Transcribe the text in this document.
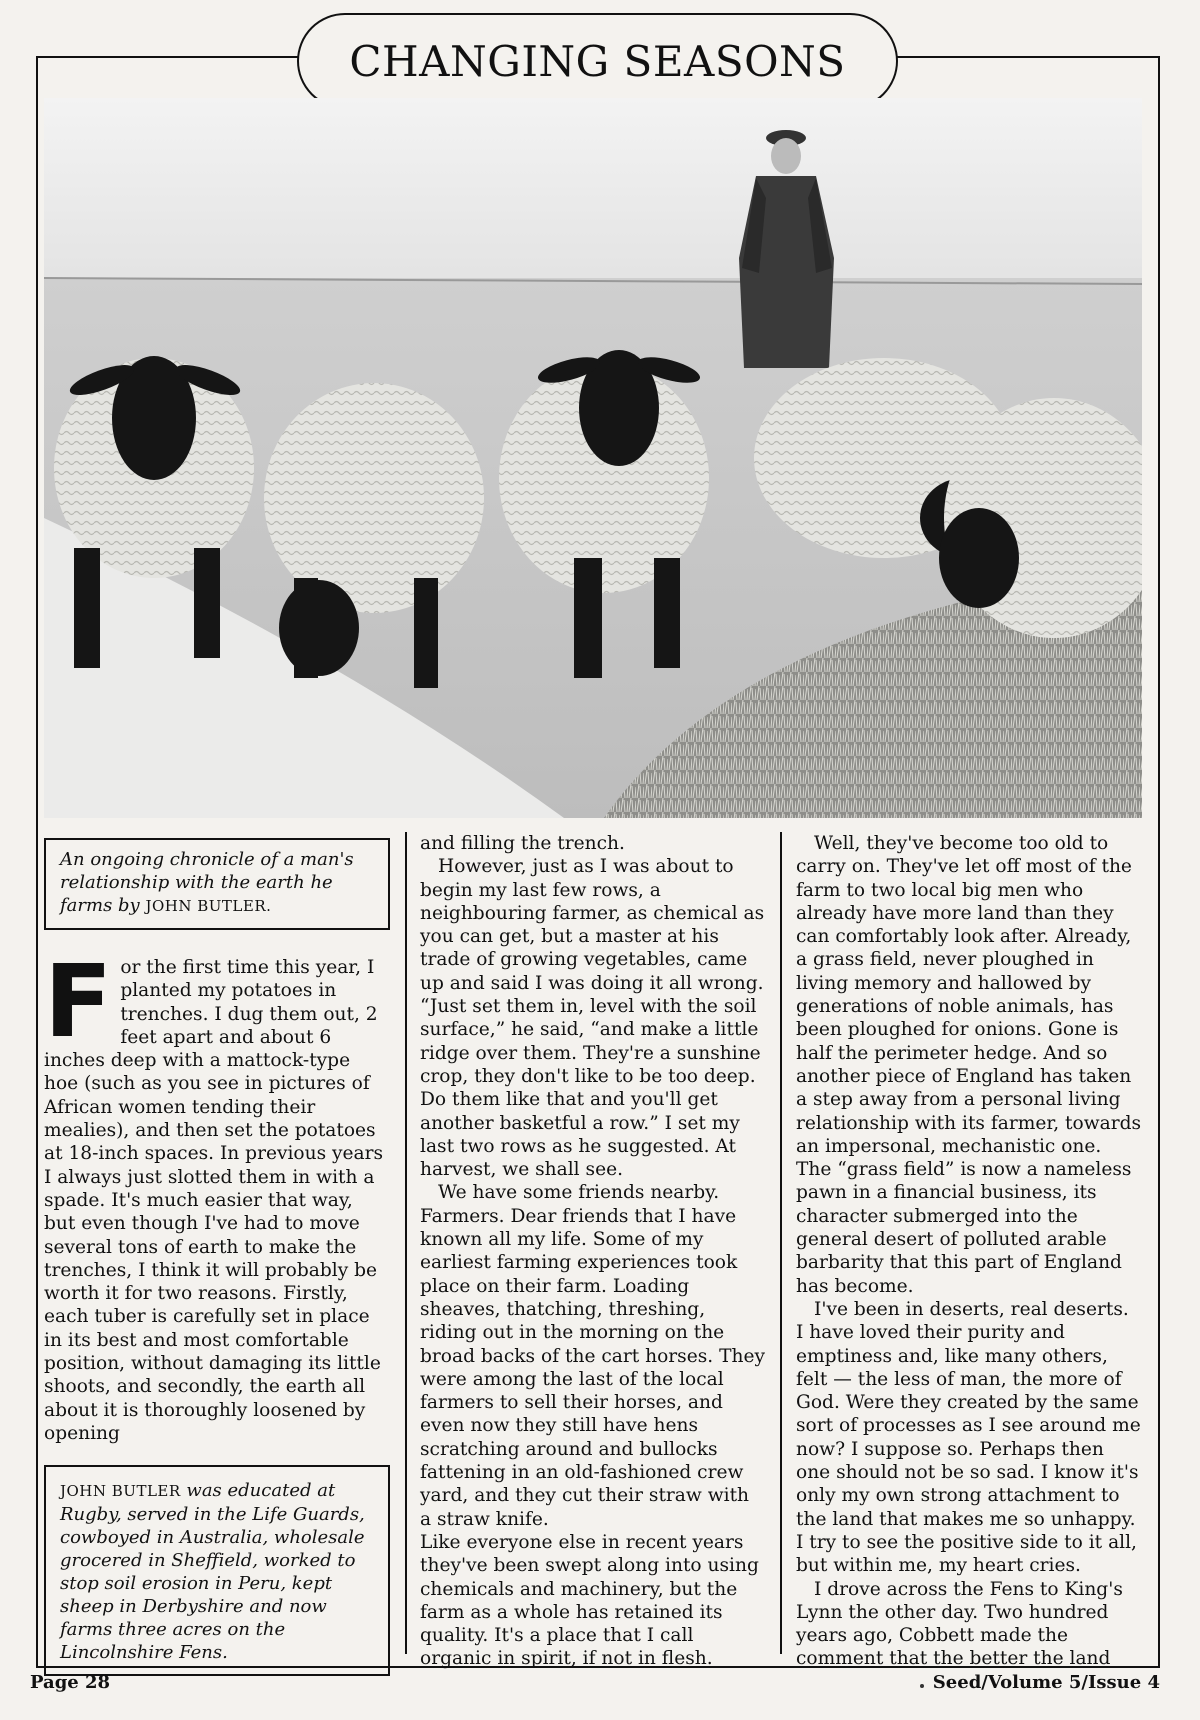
CHANGING SEASONS
An ongoing chronicle of a man's relationship with the earth he farms by JOHN BUTLER.

For the first time this year, I planted my potatoes in trenches. I dug them out, 2 feet apart and about 6 inches deep with a mattock-type hoe (such as you see in pictures of African women tending their mealies), and then set the potatoes at 18-inch spaces. In previous years I always just slotted them in with a spade. It's much easier that way, but even though I've had to move several tons of earth to make the trenches, I think it will probably be worth it for two reasons. Firstly, each tuber is carefully set in place in its best and most comfortable position, without damaging its little shoots, and secondly, the earth all about it is thoroughly loosened by opening

JOHN BUTLER was educated at Rugby, served in the Life Guards, cowboyed in Australia, wholesale grocered in Sheffield, worked to stop soil erosion in Peru, kept sheep in Derbyshire and now farms three acres on the Lincolnshire Fens.

and filling the trench.

However, just as I was about to begin my last few rows, a neighbouring farmer, as chemical as you can get, but a master at his trade of growing vegetables, came up and said I was doing it all wrong. “Just set them in, level with the soil surface,” he said, “and make a little ridge over them. They're a sunshine crop, they don't like to be too deep. Do them like that and you'll get another basketful a row.” I set my last two rows as he suggested. At harvest, we shall see.

We have some friends nearby. Farmers. Dear friends that I have known all my life. Some of my earliest farming experiences took place on their farm. Loading sheaves, thatching, threshing, riding out in the morning on the broad backs of the cart horses. They were among the last of the local farmers to sell their horses, and even now they still have hens scratching around and bullocks fattening in an old-fashioned crew yard, and they cut their straw with a straw knife.

Like everyone else in recent years they've been swept along into using chemicals and machinery, but the farm as a whole has retained its quality. It's a place that I call organic in spirit, if not in flesh.

Well, they've become too old to carry on. They've let off most of the farm to two local big men who already have more land than they can comfortably look after. Already, a grass field, never ploughed in living memory and hallowed by generations of noble animals, has been ploughed for onions. Gone is half the perimeter hedge. And so another piece of England has taken a step away from a personal living relationship with its farmer, towards an impersonal, mechanistic one. The “grass field” is now a nameless pawn in a financial business, its character submerged into the general desert of polluted arable barbarity that this part of England has become.

I've been in deserts, real deserts. I have loved their purity and emptiness and, like many others, felt — the less of man, the more of God. Were they created by the same sort of processes as I see around me now? I suppose so. Perhaps then one should not be so sad. I know it's only my own strong attachment to the land that makes me so unhappy. I try to see the positive side to it all, but within me, my heart cries.

I drove across the Fens to King's Lynn the other day. Two hundred years ago, Cobbett made the comment that the better the land

Page 28	Seed/Volume 5/Issue 4
